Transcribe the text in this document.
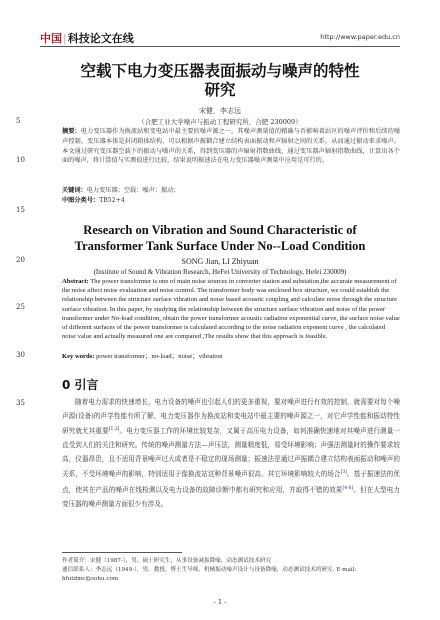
中国|科技论文在线	http://www.paper.edu.cn
空载下电力变压器表面振动与噪声的特性
研究
宋健，李志远
（合肥工业大学噪声与振动工程研究所，合肥 230009）
5
10
15
20
25
30
35
摘要：电力变压器作为换流站和变电站中最主要的噪声源之一，其噪声测量值的精确与否影响着站区的噪声评价和后续的噪声控制。变压器本体是封闭箱体结构，可以根据声振耦合建立结构表面振动和声辐射之间的关系，从而通过振动来求噪声。本文通过研究变压器空载下的振动与噪声的关系，得到变压器的声辐射指数曲线，通过变压器声辐射指数曲线，计算出各个面的噪声，将计算值与实测值进行比较，结果说明振速法在电力变压器噪声测量中应用是可行的。
关键词：电力变压器；空载；噪声；振动；
中图分类号：TB52+4
Research on Vibration and Sound Characteristic of
Transformer Tank Surface Under No--Load Condition
SONG Jian, LI Zhiyuan
(Institute of Sound & Vibration Research, HeFei University of Technology, Hefei 230009)
Abstract: The power transformer is one of main noise sources in converter station and substation,the accurate measurement of the noise affect noise evaluation and noise control. The transformer body was enclosed box structure, we could establish the relationship between the structure surface vibration and noise based acoustic coupling and calculate noise through the structure surface vibration. In this paper, by studying the relationship between the structure surface vibration and noise of the power transformer under No-load condition, obtain the power transformer acoustic radiation exponential curve, the surface noise value of different surfaces of the power transformer is calculated according to the noise radiation exponent curve , the calculated noise value and actually measured one are compared ,The results show that this approach is feasible.
Key words: power transformer；no-load；noise；vibration
0 引言
随着电力需求的快速增长，电力设备的噪声也引起人们的更多重视，要对噪声进行有效的控制，就需要对每个噪声源(设备)的声学性能有所了解，电力变压器作为换流站和变电站中最主要的噪声源之一，对它声学性能和振动特性研究就尤其重要[1,2]。电力变压器工作的环境比较复杂，又属于高压电力设备，如何准确快速地对其噪声进行测量一直受到人们的关注和研究。传统的噪声测量方法—声压法，测量精度低，易受环境影响；声强法测量时的操作要求较高，仪器昂贵，且不适用背景噪声过大或者是不稳定的现场测量；振速法是通过声振耦合建立结构表面振动和噪声的关系，不受环境噪声的影响，特别适用于像换流站这种背景噪声很高、其它环境影响较大的场合[3]。基于振速法的优点，使其在产品的噪声在线检测以及电力设备的故障诊断中都有研究和应用，并取得不错的效果[4-6]。但在大型电力变压器的噪声测量方面很少有涉及。
作者简介：宋健（1987-），男，硕士研究生，从事设备减振降噪、动态测试技术研究
通信联系人：李志远（1949-），男，教授，博士生导师，机械振动噪声设计与设备降噪，动态测试技术的研究. E-mail: hfutdmc@sohu.com
- 1 -
